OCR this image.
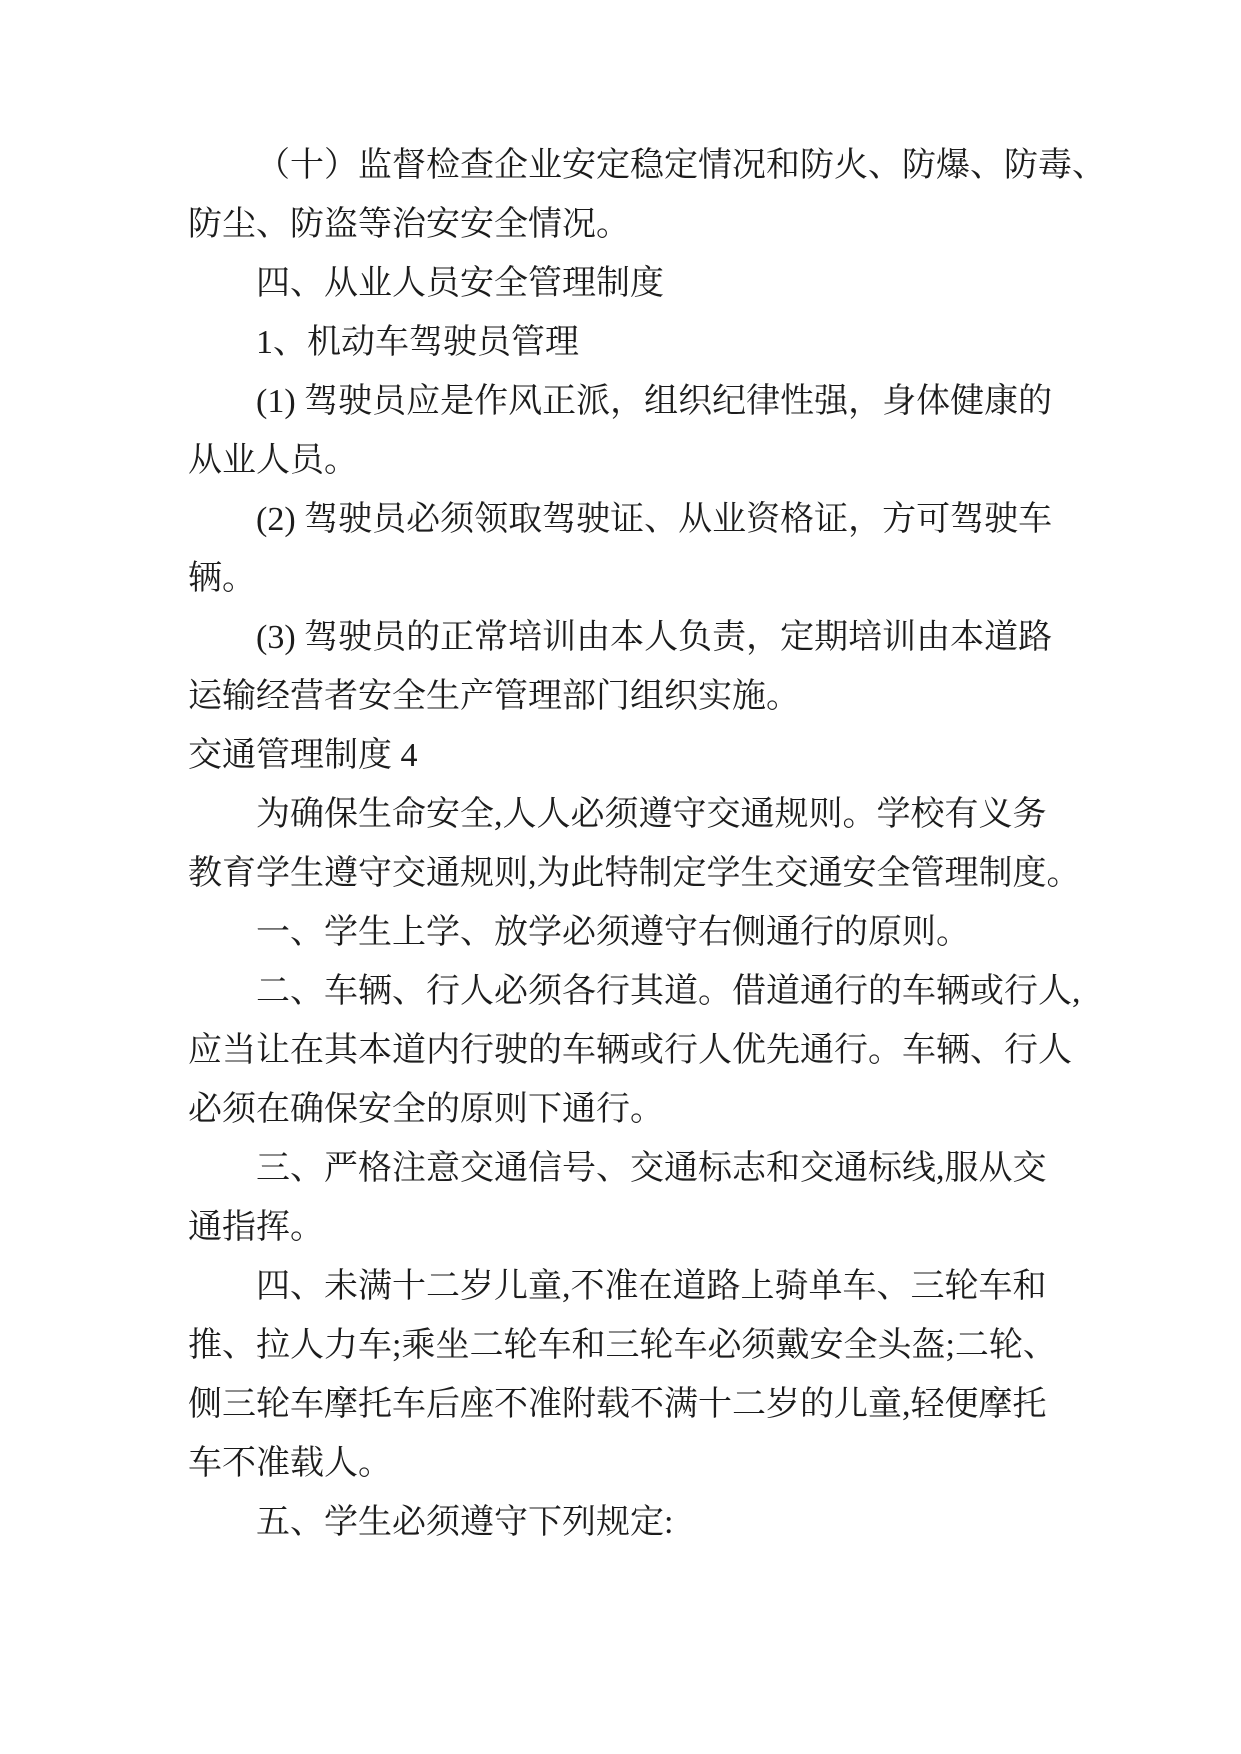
（十）监督检查企业安定稳定情况和防火、防爆、防毒、
防尘、防盗等治安安全情况。
四、从业人员安全管理制度
1、机动车驾驶员管理
(1) 驾驶员应是作风正派，组织纪律性强，身体健康的
从业人员。
(2) 驾驶员必须领取驾驶证、从业资格证，方可驾驶车
辆。
(3) 驾驶员的正常培训由本人负责，定期培训由本道路
运输经营者安全生产管理部门组织实施。
交通管理制度 4
为确保生命安全,人人必须遵守交通规则。学校有义务
教育学生遵守交通规则,为此特制定学生交通安全管理制度。
一、学生上学、放学必须遵守右侧通行的原则。
二、车辆、行人必须各行其道。借道通行的车辆或行人,
应当让在其本道内行驶的车辆或行人优先通行。车辆、行人
必须在确保安全的原则下通行。
三、严格注意交通信号、交通标志和交通标线,服从交
通指挥。
四、未满十二岁儿童,不准在道路上骑单车、三轮车和
推、拉人力车;乘坐二轮车和三轮车必须戴安全头盔;二轮、
侧三轮车摩托车后座不准附载不满十二岁的儿童,轻便摩托
车不准载人。
五、学生必须遵守下列规定:
